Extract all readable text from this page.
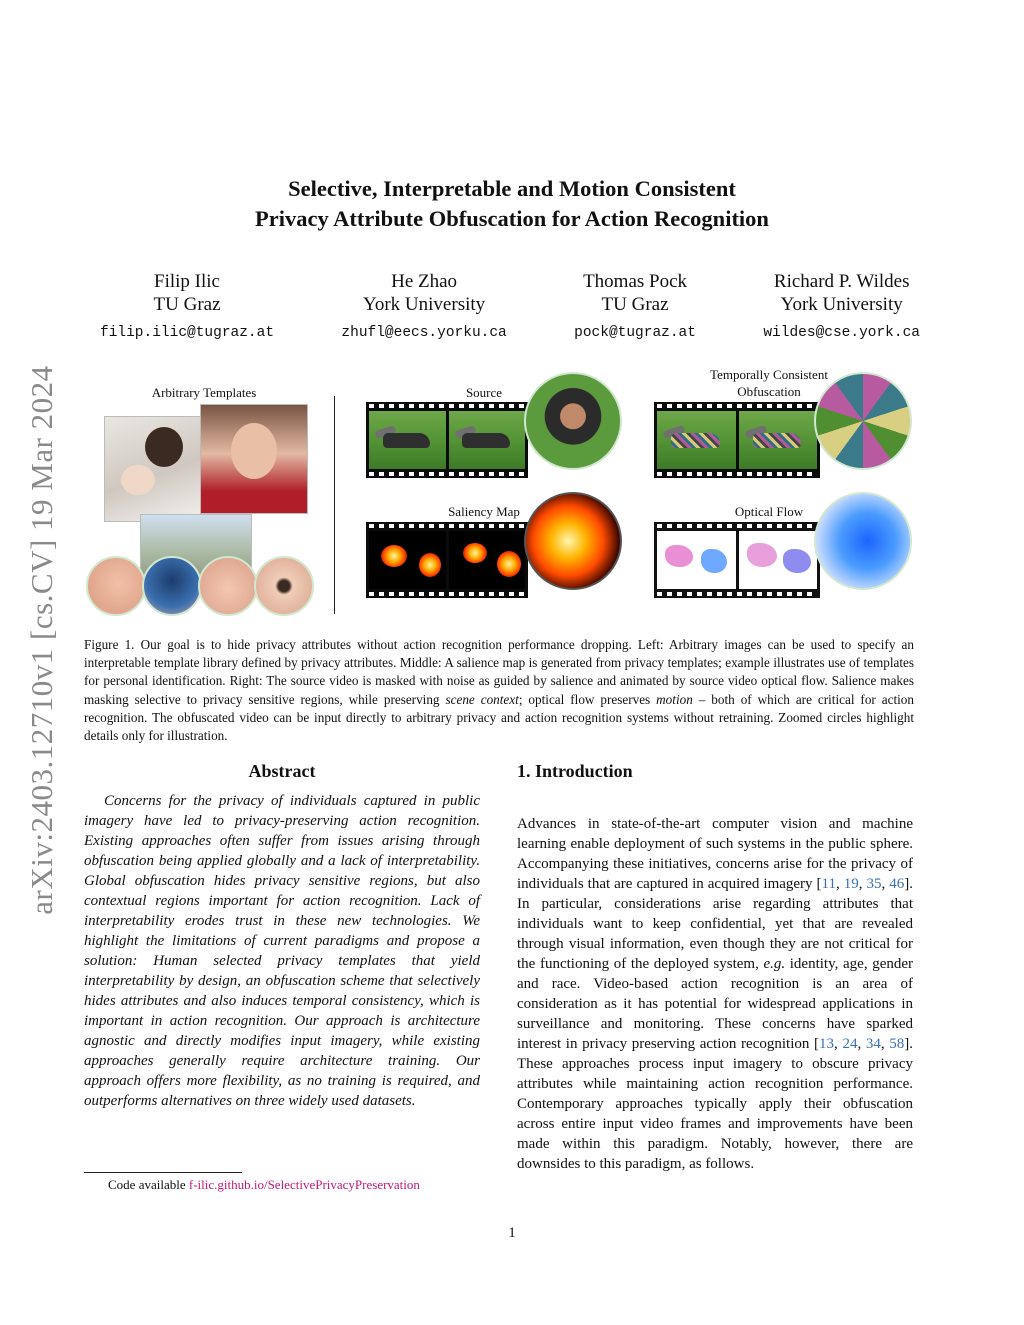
arXiv:2403.12710v1 [cs.CV] 19 Mar 2024
Selective, Interpretable and Motion Consistent
Privacy Attribute Obfuscation for Action Recognition
Filip Ilic
TU Graz
filip.ilic@tugraz.at
He Zhao
York University
zhufl@eecs.yorku.ca
Thomas Pock
TU Graz
pock@tugraz.at
Richard P. Wildes
York University
wildes@cse.york.ca
Arbitrary Templates	Source
Saliency Map
Temporally Consistent
Obfuscation
Optical Flow
Figure 1. Our goal is to hide privacy attributes without action recognition performance dropping. Left: Arbitrary images can be used to specify an interpretable template library defined by privacy attributes. Middle: A salience map is generated from privacy templates; example illustrates use of templates for personal identification. Right: The source video is masked with noise as guided by salience and animated by source video optical flow. Salience makes masking selective to privacy sensitive regions, while preserving scene context; optical flow preserves motion – both of which are critical for action recognition. The obfuscated video can be input directly to arbitrary privacy and action recognition systems without retraining. Zoomed circles highlight details only for illustration.
Abstract
Concerns for the privacy of individuals captured in public imagery have led to privacy-preserving action recognition. Existing approaches often suffer from issues arising through obfuscation being applied globally and a lack of interpretability. Global obfuscation hides privacy sensitive regions, but also contextual regions important for action recognition. Lack of interpretability erodes trust in these new technologies. We highlight the limitations of current paradigms and propose a solution: Human selected privacy templates that yield interpretability by design, an obfuscation scheme that selectively hides attributes and also induces temporal consistency, which is important in action recognition. Our approach is architecture agnostic and directly modifies input imagery, while existing approaches generally require architecture training. Our approach offers more flexibility, as no training is required, and outperforms alternatives on three widely used datasets.
1. Introduction
Advances in state-of-the-art computer vision and machine learning enable deployment of such systems in the public sphere. Accompanying these initiatives, concerns arise for the privacy of individuals that are captured in acquired imagery [11, 19, 35, 46]. In particular, considerations arise regarding attributes that individuals want to keep confidential, yet that are revealed through visual information, even though they are not critical for the functioning of the deployed system, e.g. identity, age, gender and race. Video-based action recognition is an area of consideration as it has potential for widespread applications in surveillance and monitoring. These concerns have sparked interest in privacy preserving action recognition [13, 24, 34, 58]. These approaches process input imagery to obscure privacy attributes while maintaining action recognition performance. Contemporary approaches typically apply their obfuscation across entire input video frames and improvements have been made within this paradigm. Notably, however, there are downsides to this paradigm, as follows.
Code available f-ilic.github.io/SelectivePrivacyPreservation
1
